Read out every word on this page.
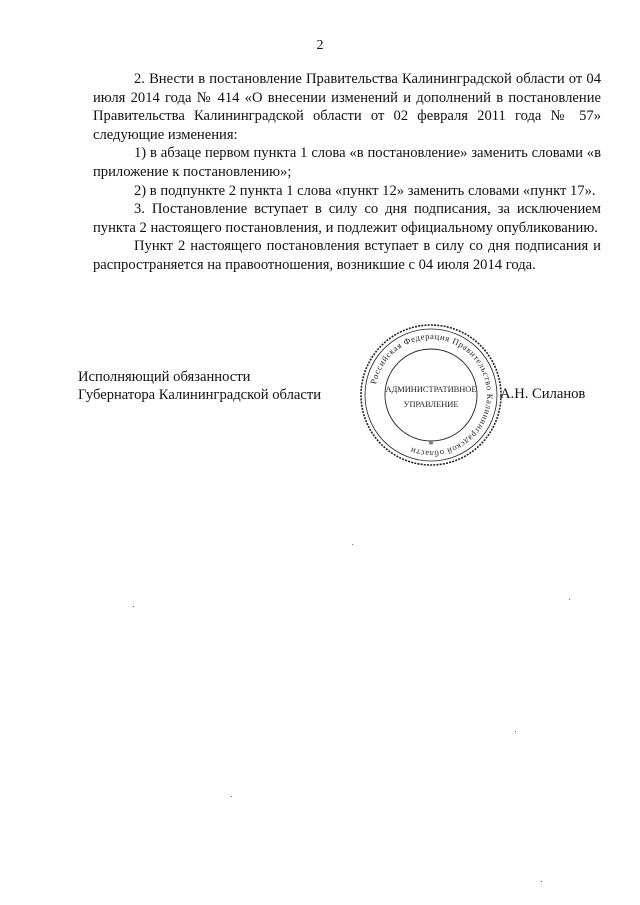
2

2. Внести в постановление Правительства Калининградской области от 04 июля 2014 года № 414 «О внесении изменений и дополнений в постановление Правительства Калининградской области от 02 февраля 2011 года № 57» следующие изменения:

1) в абзаце первом пункта 1 слова «в постановление» заменить словами «в приложение к постановлению»;

2) в подпункте 2 пункта 1 слова «пункт 12» заменить словами «пункт 17».

3. Постановление вступает в силу со дня подписания, за исключением пункта 2 настоящего постановления, и подлежит официальному опубликованию.

Пункт 2 настоящего постановления вступает в силу со дня подписания и распространяется на правоотношения, возникшие с 04 июля 2014 года.

Исполняющий обязанности
Губернатора Калининградской области	А.Н. Силанов
Российская Федерация Правительство Калининградской области
АДМИНИСТРАТИВНОЕ
УПРАВЛЕНИЕ
*
